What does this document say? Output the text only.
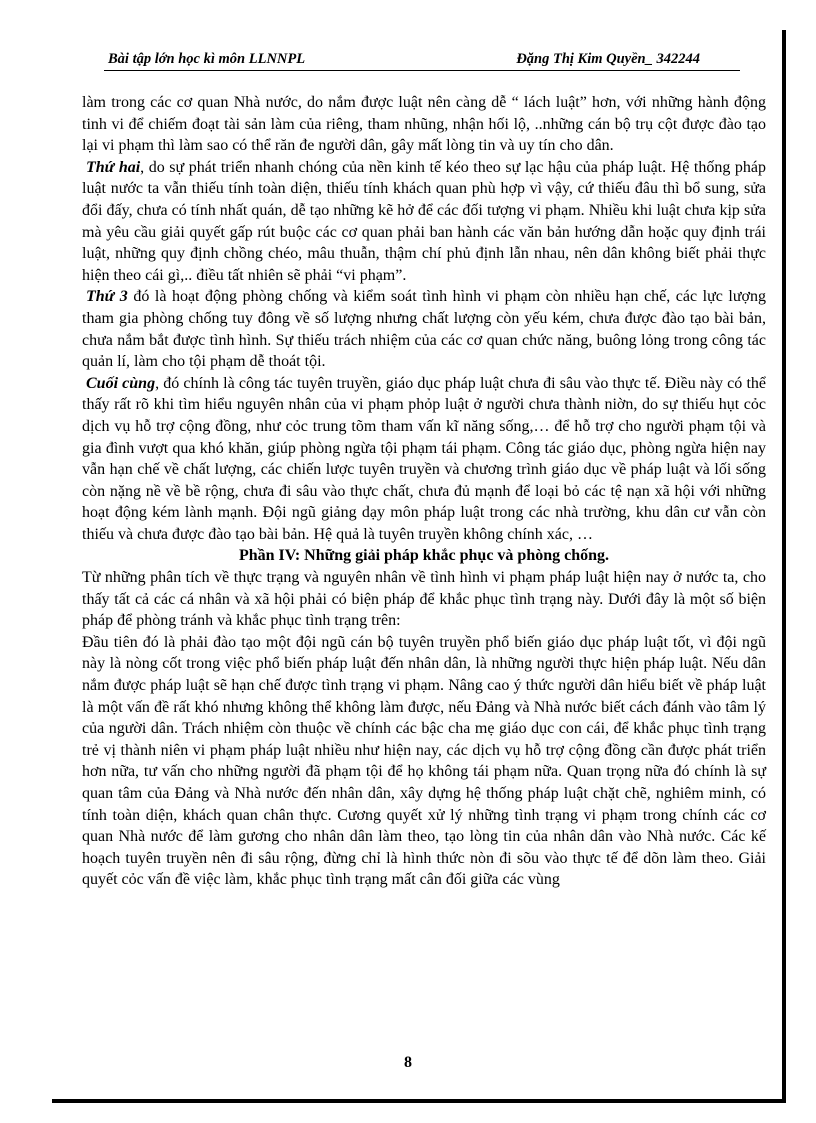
Bài tập lớn học kì môn LLNNPL	Đặng Thị Kim Quyền_ 342244

làm trong các cơ quan Nhà nước, do nắm được luật nên càng dễ “ lách luật” hơn, với những hành động tinh vi để chiếm đoạt tài sản làm của riêng, tham nhũng, nhận hối lộ, ..những cán bộ trụ cột được đào tạo lại vi phạm thì làm sao có thể răn đe người dân, gây mất lòng tin và uy tín cho dân.

Thứ hai, do sự phát triển nhanh chóng của nền kinh tế kéo theo sự lạc hậu của pháp luật. Hệ thống pháp luật nước ta vẫn thiếu tính toàn diện, thiếu tính khách quan phù hợp vì vậy, cứ thiếu đâu thì bổ sung, sửa đổi đấy, chưa có tính nhất quán, dễ tạo những kẽ hở để các đối tượng vi phạm. Nhiều khi luật chưa kịp sửa mà yêu cầu giải quyết gấp rút buộc các cơ quan phải ban hành các văn bản hướng dẫn hoặc quy định trái luật, những quy định chồng chéo, mâu thuẫn, thậm chí phủ định lẫn nhau, nên dân không biết phải thực hiện theo cái gì,.. điều tất nhiên sẽ phải “vi phạm”.

Thứ 3 đó là hoạt động phòng chống và kiểm soát tình hình vi phạm còn nhiều hạn chế, các lực lượng tham gia phòng chống tuy đông về số lượng nhưng chất lượng còn yếu kém, chưa được đào tạo bài bản, chưa nắm bắt được tình hình. Sự thiếu trách nhiệm của các cơ quan chức năng, buông lỏng trong công tác quản lí, làm cho tội phạm dễ thoát tội.

Cuối cùng, đó chính là công tác tuyên truyền, giáo dục pháp luật chưa đi sâu vào thực tế. Điều này có thể thấy rất rõ khi tìm hiểu nguyên nhân của vi phạm phỏp luật ở người chưa thành niờn, do sự thiếu hụt cỏc dịch vụ hỗ trợ cộng đồng, như cỏc trung tõm tham vấn kĩ năng sống,… để hỗ trợ cho người phạm tội và gia đình vượt qua khó khăn, giúp phòng ngừa tội phạm tái phạm. Công tác giáo dục, phòng ngừa hiện nay vẫn hạn chế về chất lượng, các chiến lược tuyên truyền và chương trình giáo dục về pháp luật và lối sống còn nặng nề về bề rộng, chưa đi sâu vào thực chất, chưa đủ mạnh để loại bỏ các tệ nạn xã hội với những hoạt động kém lành mạnh. Đội ngũ giảng dạy môn pháp luật trong các nhà trường, khu dân cư vẫn còn thiếu và chưa được đào tạo bài bản. Hệ quả là tuyên truyền không chính xác, …

Phần IV: Những giải pháp khắc phục và phòng chống.

Từ những phân tích về thực trạng và nguyên nhân về tình hình vi phạm pháp luật hiện nay ở nước ta, cho thấy tất cả các cá nhân và xã hội phải có biện pháp để khắc phục tình trạng này. Dưới đây là một số biện pháp để phòng tránh và khắc phục tình trạng trên:

Đầu tiên đó là phải đào tạo một đội ngũ cán bộ tuyên truyền phổ biến giáo dục pháp luật tốt, vì đội ngũ này là nòng cốt trong việc phổ biến pháp luật đến nhân dân, là những người thực hiện pháp luật. Nếu dân nắm được pháp luật sẽ hạn chế được tình trạng vi phạm. Nâng cao ý thức người dân hiểu biết về pháp luật là một vấn đề rất khó nhưng không thể không làm được, nếu Đảng và Nhà nước biết cách đánh vào tâm lý của người dân. Trách nhiệm còn thuộc về chính các bậc cha mẹ giáo dục con cái, để khắc phục tình trạng trẻ vị thành niên vi phạm pháp luật nhiều như hiện nay, các dịch vụ hỗ trợ cộng đồng cần được phát triển hơn nữa, tư vấn cho những người đã phạm tội để họ không tái phạm nữa. Quan trọng nữa đó chính là sự quan tâm của Đảng và Nhà nước đến nhân dân, xây dựng hệ thống pháp luật chặt chẽ, nghiêm minh, có tính toàn diện, khách quan chân thực. Cương quyết xử lý những tình trạng vi phạm trong chính các cơ quan Nhà nước để làm gương cho nhân dân làm theo, tạo lòng tin của nhân dân vào Nhà nước. Các kế hoạch tuyên truyền nên đi sâu rộng, đừng chỉ là hình thức nòn đi sõu vào thực tế để dõn làm theo. Giải quyết cỏc vấn đề việc làm, khắc phục tình trạng mất cân đối giữa các vùng

8
